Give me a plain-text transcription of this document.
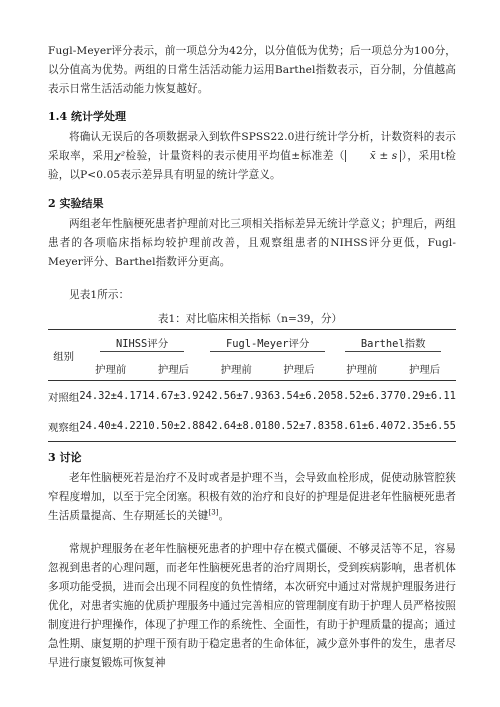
Fugl-Meyer评分表示，前一项总分为42分，以分值低为优势；后一项总分为100分，以分值高为优势。两组的日常生活活动能力运用Barthel指数表示，百分制，分值越高表示日常生活活动能力恢复越好。
1.4 统计学处理
将确认无误后的各项数据录入到软件SPSS22.0进行统计学分析，计数资料的表示采取率，采用χ²检验，计量资料的表示使用平均值±标准差（ x̄ ± s ），采用t检验，以P<0.05表示差异具有明显的统计学意义。
2 实验结果
两组老年性脑梗死患者护理前对比三项相关指标差异无统计学意义；护理后，两组患者的各项临床指标均较护理前改善，且观察组患者的NIHSS评分更低，Fugl-Meyer评分、Barthel指数评分更高。
见表1所示：
表1：对比临床相关指标（n=39，分）
组别	NIHSS评分		Fugl-Meyer评分		Barthel指数	
	护理前	护理后	护理前	护理后	护理前	护理后
对照组	24.32±4.17	14.67±3.92	42.56±7.93	63.54±6.20	58.52±6.37	70.29±6.11
观察组	24.40±4.22	10.50±2.88	42.64±8.01	80.52±7.83	58.61±6.40	72.35±6.55
3 讨论
老年性脑梗死若是治疗不及时或者是护理不当，会导致血栓形成，促使动脉管腔狭窄程度增加，以至于完全闭塞。积极有效的治疗和良好的护理是促进老年性脑梗死患者生活质量提高、生存期延长的关键[3]。
常规护理服务在老年性脑梗死患者的护理中存在模式僵硬、不够灵活等不足，容易忽视到患者的心理问题，而老年性脑梗死患者的治疗周期长，受到疾病影响，患者机体多项功能受损，进而会出现不同程度的负性情绪，本次研究中通过对常规护理服务进行优化，对患者实施的优质护理服务中通过完善相应的管理制度有助于护理人员严格按照制度进行护理操作，体现了护理工作的系统性、全面性，有助于护理质量的提高；通过急性期、康复期的护理干预有助于稳定患者的生命体征，减少意外事件的发生，患者尽早进行康复锻炼可恢复神
